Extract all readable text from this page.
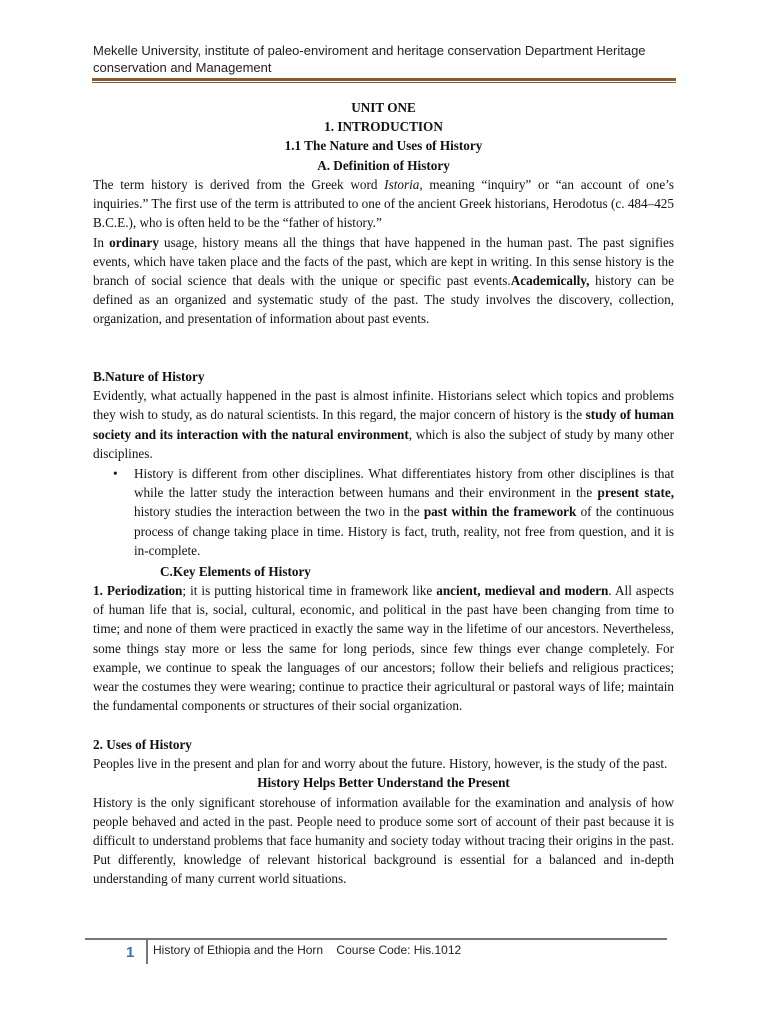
Mekelle University, institute of paleo-enviroment and heritage conservation Department Heritage conservation and Management

UNIT ONE

1. INTRODUCTION

1.1 The Nature and Uses of History

A. Definition of History

The term history is derived from the Greek word Istoria, meaning “inquiry” or “an account of one’s inquiries.” The first use of the term is attributed to one of the ancient Greek historians, Herodotus (c. 484–425 B.C.E.), who is often held to be the “father of history.”

In ordinary usage, history means all the things that have happened in the human past. The past signifies events, which have taken place and the facts of the past, which are kept in writing. In this sense history is the branch of social science that deals with the unique or specific past events.Academically, history can be defined as an organized and systematic study of the past. The study involves the discovery, collection, organization, and presentation of information about past events.

B.Nature of History

Evidently, what actually happened in the past is almost infinite. Historians select which topics and problems they wish to study, as do natural scientists. In this regard, the major concern of history is the study of human society and its interaction with the natural environment, which is also the subject of study by many other disciplines.

• History is different from other disciplines. What differentiates history from other disciplines is that while the latter study the interaction between humans and their environment in the present state, history studies the interaction between the two in the past within the framework of the continuous process of change taking place in time. History is fact, truth, reality, not free from question, and it is in-complete.
C.Key Elements of History

1. Periodization; it is putting historical time in framework like ancient, medieval and modern. All aspects of human life that is, social, cultural, economic, and political in the past have been changing from time to time; and none of them were practiced in exactly the same way in the lifetime of our ancestors. Nevertheless, some things stay more or less the same for long periods, since few things ever change completely. For example, we continue to speak the languages of our ancestors; follow their beliefs and religious practices; wear the costumes they were wearing; continue to practice their agricultural or pastoral ways of life; maintain the fundamental components or structures of their social organization.

2. Uses of History

Peoples live in the present and plan for and worry about the future. History, however, is the study of the past.

History Helps Better Understand the Present

History is the only significant storehouse of information available for the examination and analysis of how people behaved and acted in the past. People need to produce some sort of account of their past because it is difficult to understand problems that face humanity and society today without tracing their origins in the past. Put differently, knowledge of relevant historical background is essential for a balanced and in-depth understanding of many current world situations.

1 History of Ethiopia and the Horn    Course Code: His.1012
